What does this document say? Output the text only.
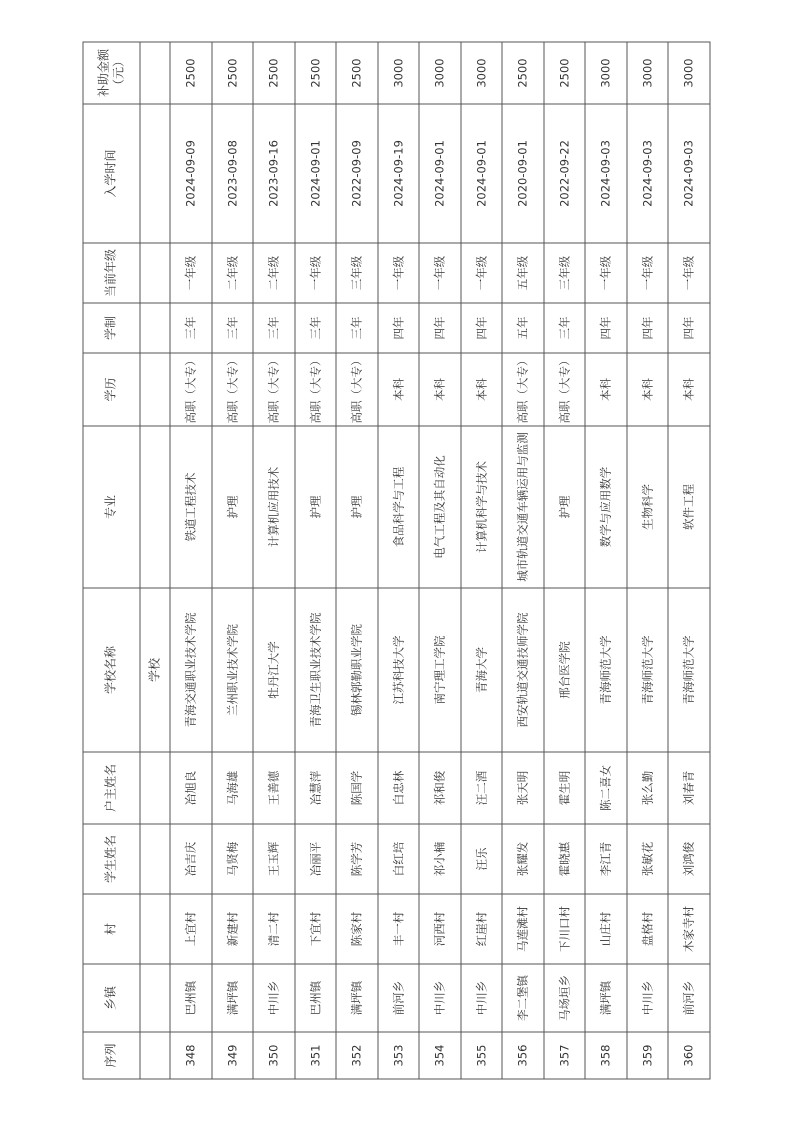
序列	乡镇	村	学生姓名	户主姓名	学校名称	专业	学历	学制	当前年级	入学时间	补助金额（元）
					学校						
348	巴州镇	上宜村	冶吉庆	冶旭良	青海交通职业技术学院	铁道工程技术	高职（大专）	三年	一年级	2024-09-09	2500
349	满坪镇	新建村	马贤梅	马海雄	兰州职业技术学院	护理	高职（大专）	三年	二年级	2023-09-08	2500
350	中川乡	清二村	王玉辉	王善德	牡丹江大学	计算机应用技术	高职（大专）	三年	二年级	2023-09-16	2500
351	巴州镇	下宜村	冶丽平	冶慧萍	青海卫生职业技术学院	护理	高职（大专）	三年	一年级	2024-09-01	2500
352	满坪镇	陈家村	陈学芳	陈国学	锡林郭勒职业学院	护理	高职（大专）	三年	三年级	2022-09-09	2500
353	前河乡	丰一村	白红培	白忠林	江苏科技大学	食品科学与工程	本科	四年	一年级	2024-09-19	3000
354	中川乡	河西村	祁小楠	祁和俊	南宁理工学院	电气工程及其自动化	本科	四年	一年级	2024-09-01	3000
355	中川乡	红崖村	汪乐	汪二酒	青海大学	计算机科学与技术	本科	四年	一年级	2024-09-01	3000
356	李二堡镇	马莲滩村	张耀发	张天明	西安轨道交通技师学院	城市轨道交通车辆运用与监测	高职（大专）	五年	五年级	2020-09-01	2500
357	马场垣乡	下川口村	霍晓惠	霍生明	邢台医学院	护理	高职（大专）	三年	三年级	2022-09-22	2500
358	满坪镇	山庄村	李江青	陈二喜女	青海师范大学	数学与应用数学	本科	四年	一年级	2024-09-03	3000
359	中川乡	盘格村	张敏花	张么勤	青海师范大学	生物科学	本科	四年	一年级	2024-09-03	3000
360	前河乡	木家寺村	刘鸿俊	刘春青	青海师范大学	软件工程	本科	四年	一年级	2024-09-03	3000
